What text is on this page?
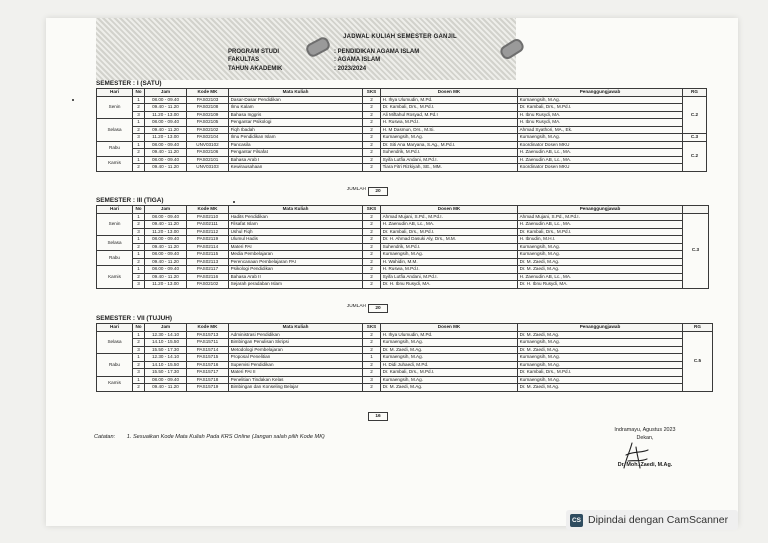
JADWAL KULIAH SEMESTER GANJIL
PROGRAM STUDI
FAKULTAS
TAHUN AKADEMIK
: PENDIDIKAN AGAMA ISLAM
: AGAMA ISLAM
: 2023/2024
SEMESTER : I (SATU)
Hari	No	Jam	Kode MK	Mata Kuliah	SKS	Dosen MK	Penanggungjawab	RG
Senin	1	08.00 - 09.40	PAS02103	Dasar-Dasar Pendidikan	2	H. Ihya Ulumudin, M.Pd.	Kurnaengsih, M.Ag.	C.2
	2	09.40 - 11.20	PAS02108	Ilmu Kalam	2	Dr. Kambali, Drs., M.Pd.I.	Dr. Kambali, Drs., M.Pd.I.	
	3	11.20 - 13.00	PAS02109	Bahasa Inggris	2	Ali Miftahul Rosyad, M.Pd.I	H. Ibnu Rusydi, MA.	
Selasa	1	08.00 - 09.40	PAS02105	Pengantar Psikologi	2	H. Ruswa, M.Pd.I.	H. Ibnu Rusydi, MA.	
	2	09.40 - 11.20	PAS02102	Fiqh Ibadah	2	H. M Dasmun, Drs., M.Si.	Ahmad Syathori, MA., Ek.	
	3	11.20 - 13.00	PAS02104	Ilmu Pendidikan Islam	2	Kurnaengsih, M.Ag.	Kurnaengsih, M.Ag.	C.3
Rabu	1	08.00 - 09.40	UNV03102	Pancasila	2	Dr. Siti Ana Maryana, S.Ag., M.Pd.I.	Koordinator Dosen MKU	C.2
	2	09.40 - 11.20	PAS02106	Pengantar Filsafat	2	Suhendrik, M.Pd.I.	H. Zaenudin AB, Lc., MA.	
Kamis	1	08.00 - 09.40	PAS02101	Bahasa Arab I	2	Syifa Lutfia Andani, M.Pd.I.	H. Zaenudin AB, Lc., MA.	
	2	09.40 - 11.20	UNV03103	Kewirausahaan	2	Tiara Fitri Rizkiyah, SE., MM.	Koordinator Dosen MKU	
JUMLAH	20
SEMESTER : III (TIGA)
Hari	No	Jam	Kode MK	Mata Kuliah	SKS	Dosen MK	Penanggungjawab	
Senin	1	08.00 - 09.40	PAS02110	Hadits Pendidikan	2	Ahmad Mujani, S.Pd., M.Pd.I.	Ahmad Mujani, S.Pd., M.Pd.I.	C.3
	2	09.40 - 11.20	PAS02111	Filsafat Islam	2	H. Zaenudin AB, Lc., MA.	H. Zaenudin AB, Lc., MA.	
	3	11.20 - 13.00	PAS02112	Ushul Fiqh	2	Dr. Kambali, Drs., M.Pd.I.	Dr. Kambali, Drs., M.Pd.I.	
Selasa	1	08.00 - 09.40	PAS02119	Ulumul Hadis	2	Dr. H. Ahmad Dasuki Aly, Drs., M.M.	H. Ibnudin, M.H.I.	
	2	09.40 - 11.20	PAS02114	Materi PAI	2	Suhendrik, M.Pd.I.	Kurnaengsih, M.Ag.	
Rabu	1	08.00 - 09.40	PAS02115	Media Pembelajaran	2	Kurnaengsih, M.Ag.	Kurnaengsih, M.Ag.	
	2	09.40 - 11.20	PAS02113	Perencanaan Pembelajaran PAI	2	H. Wahidin, M.M.	Dr. M. Zaedi, M.Ag.	
Kamis	1	08.00 - 09.40	PAS02117	Psikologi Pendidikan	2	H. Ruswa, M.Pd.I.	Dr. M. Zaedi, M.Ag.	
	2	09.40 - 11.20	PAS02116	Bahasa Arab II	2	Syifa Lutfia Andani, M.Pd.I.	H. Zaenudin AB, Lc., MA.	
	3	11.20 - 13.00	PAS02102	Sejarah peradaban Islam	2	Dr. H. Ibnu Rusydi, MA.	Dr. H. Ibnu Rusydi, MA.	
JUMLAH	20
SEMESTER : VII (TUJUH)
Hari	No	Jam	Kode MK	Mata Kuliah	SKS	Dosen MK	Penanggungjawab	RG
Selasa	1	12.30 - 14.10	PAS15713	Administrasi Pendidikan	2	H. Ihya Ulumudin, M.Pd.	Dr. M. Zaedi, M.Ag.	C.5
	2	14.10 - 15.50	PAS15711	Bimbingan Penulisan Skripsi	2	Kurnaengsih, M.Ag.	Kurnaengsih, M.Ag.	
	3	15.50 - 17.30	PAS15714	Metodologi Pembelajaran	2	Dr. M. Zaedi, M.Ag.	Dr. M. Zaedi, M.Ag.	
Rabu	1	12.30 - 14.10	PAS15715	Proposal Penelitian	1	Kurnaengsih, M.Ag.	Kurnaengsih, M.Ag.	
	2	14.10 - 15.50	PAS15716	Supervisi Pendidikan	2	H. Didi Juhaedi, M.Pd.	Kurnaengsih, M.Ag.	
	3	15.50 - 17.30	PAS15717	Materi PAI II	2	Dr. Kambali, Drs., M.Pd.I.	Dr. Kambali, Drs., M.Pd.I.	
Kamis	1	08.00 - 09.40	PAS15718	Penelitian Tindakan Kelas	3	Kurnaengsih, M.Ag.	Kurnaengsih, M.Ag.	
	2	09.40 - 11.20	PAS15719	Bimbingan dan Konseling Belajar	2	Dr. M. Zaedi, M.Ag.	Dr. M. Zaedi, M.Ag.	
16
Catatan: 1. Sesuaikan Kode Mata Kuliah Pada KRS Online (Jangan salah pilih Kode MK)
Indramayu, Agustus 2023
Dekan,
Dr. Moh. Zaedi, M.Ag.
CS Dipindai dengan CamScanner
